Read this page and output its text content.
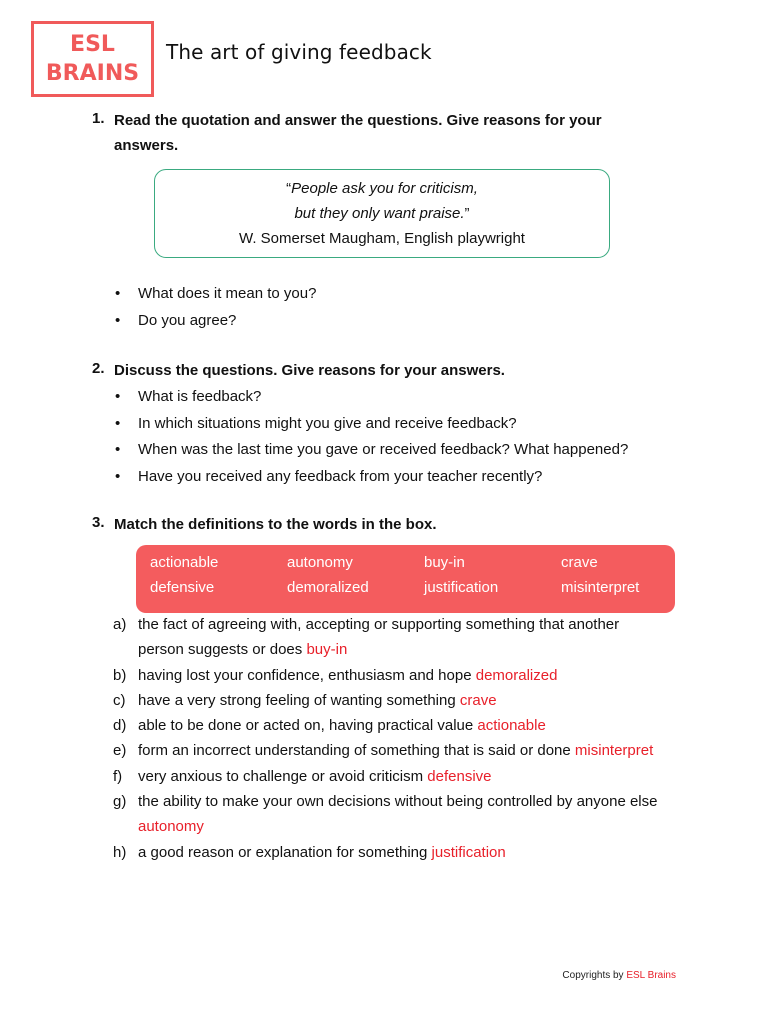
ESL
BRAINS
The art of giving feedback
1. Read the quotation and answer the questions. Give reasons for your
answers.
“People ask you for criticism,
but they only want praise.”
W. Somerset Maugham, English playwright
• What does it mean to you?
• Do you agree?
2. Discuss the questions. Give reasons for your answers.
• What is feedback?
• In which situations might you give and receive feedback?
• When was the last time you gave or received feedback? What happened?
• Have you received any feedback from your teacher recently?
3. Match the definitions to the words in the box.
actionable	autonomy	buy-in	crave
defensive	demoralized	justification	misinterpret
a) the fact of agreeing with, accepting or supporting something that another
person suggests or does buy-in
b) having lost your confidence, enthusiasm and hope demoralized
c) have a very strong feeling of wanting something crave
d) able to be done or acted on, having practical value actionable
e) form an incorrect understanding of something that is said or done misinterpret
f) very anxious to challenge or avoid criticism defensive
g) the ability to make your own decisions without being controlled by anyone else
autonomy
h) a good reason or explanation for something justification
Copyrights by ESL Brains
